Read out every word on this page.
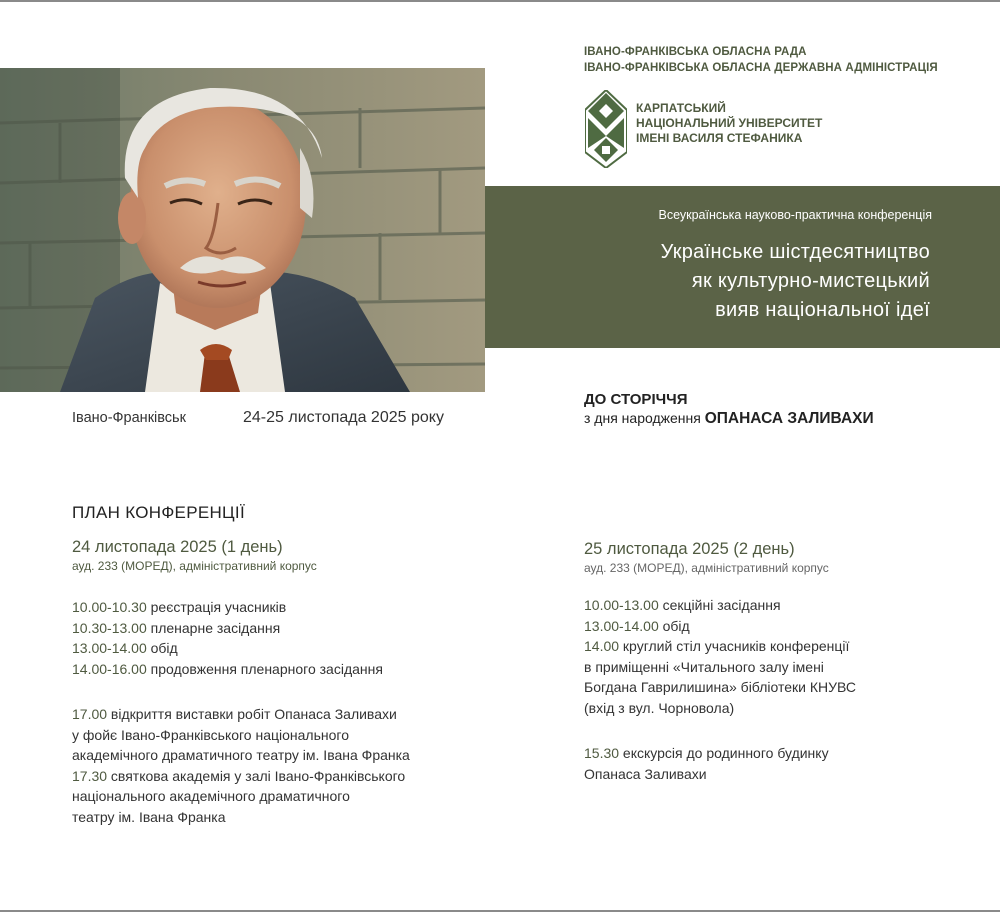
ІВАНО-ФРАНКІВСЬКА ОБЛАСНА РАДА
ІВАНО-ФРАНКІВСЬКА ОБЛАСНА ДЕРЖАВНА АДМІНІСТРАЦІЯ
КАРПАТСЬКИЙ
НАЦІОНАЛЬНИЙ УНІВЕРСИТЕТ
ІМЕНІ ВАСИЛЯ СТЕФАНИКА
Всеукраїнська науково-практична конференція
Українське шістдесятництво
як культурно-мистецький
вияв національної ідеї
Івано-Франківськ	24-25 листопада 2025 року
ДО СТОРІЧЧЯ
з дня народження ОПАНАСА ЗАЛИВАХИ
ПЛАН КОНФЕРЕНЦІЇ
24 листопада 2025 (1 день)
ауд. 233 (МОРЕД), адміністративний корпус
10.00-10.30 реєстрація учасників
10.30-13.00 пленарне засідання
13.00-14.00 обід
14.00-16.00 продовження пленарного засідання
17.00 відкриття виставки робіт Опанаса Заливахи
у фойє Івано-Франківського національного
академічного драматичного театру ім. Івана Франка
17.30 святкова академія у залі Івано-Франківського
національного академічного драматичного
театру ім. Івана Франка
25 листопада 2025 (2 день)
ауд. 233 (МОРЕД), адміністративний корпус
10.00-13.00 секційні засідання
13.00-14.00 обід
14.00 круглий стіл учасників конференції
в приміщенні «Читального залу імені
Богдана Гаврилишина» бібліотеки КНУВС
(вхід з вул. Чорновола)
15.30 екскурсія до родинного будинку
Опанаса Заливахи
